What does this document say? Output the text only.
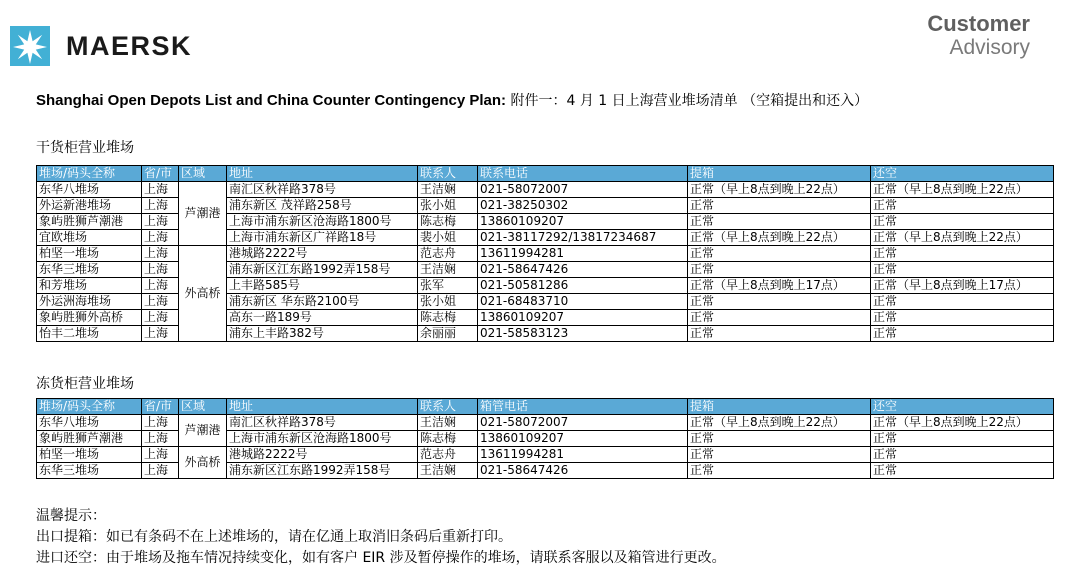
MAERSK
Customer
Advisory
Shanghai Open Depots List and China Counter Contingency Plan: 附件一：4 月 1 日上海营业堆场清单 （空箱提出和还入）
干货柜营业堆场
堆场/码头全称	省/市	区域	地址	联系人	联系电话	提箱	还空
东华八堆场	上海	芦潮港	南汇区秋祥路378号	王洁娴	021-58072007	正常（早上8点到晚上22点）	正常（早上8点到晚上22点）
外运新港堆场	上海		浦东新区 茂祥路258号	张小姐	021-38250302	正常	正常
象屿胜狮芦潮港	上海		上海市浦东新区沧海路1800号	陈志梅	13860109207	正常	正常
宜欧堆场	上海		上海市浦东新区广祥路18号	裴小姐	021-38117292/13817234687	正常（早上8点到晚上22点）	正常（早上8点到晚上22点）
柏坚一堆场	上海	外高桥	港城路2222号	范志舟	13611994281	正常	正常
东华三堆场	上海		浦东新区江东路1992弄158号	王洁娴	021-58647426	正常	正常
和芳堆场	上海		上丰路585号	张军	021-50581286	正常（早上8点到晚上17点）	正常（早上8点到晚上17点）
外运洲海堆场	上海		浦东新区 华东路2100号	张小姐	021-68483710	正常	正常
象屿胜狮外高桥	上海		高东一路189号	陈志梅	13860109207	正常	正常
怡丰二堆场	上海		浦东上丰路382号	余丽丽	021-58583123	正常	正常
冻货柜营业堆场
堆场/码头全称	省/市	区域	地址	联系人	箱管电话	提箱	还空
东华八堆场	上海	芦潮港	南汇区秋祥路378号	王洁娴	021-58072007	正常（早上8点到晚上22点）	正常（早上8点到晚上22点）
象屿胜狮芦潮港	上海		上海市浦东新区沧海路1800号	陈志梅	13860109207	正常	正常
柏坚一堆场	上海	外高桥	港城路2222号	范志舟	13611994281	正常	正常
东华三堆场	上海		浦东新区江东路1992弄158号	王洁娴	021-58647426	正常	正常
温馨提示：
出口提箱：如已有条码不在上述堆场的，请在亿通上取消旧条码后重新打印。
进口还空：由于堆场及拖车情况持续变化，如有客户 EIR 涉及暂停操作的堆场，请联系客服以及箱管进行更改。
